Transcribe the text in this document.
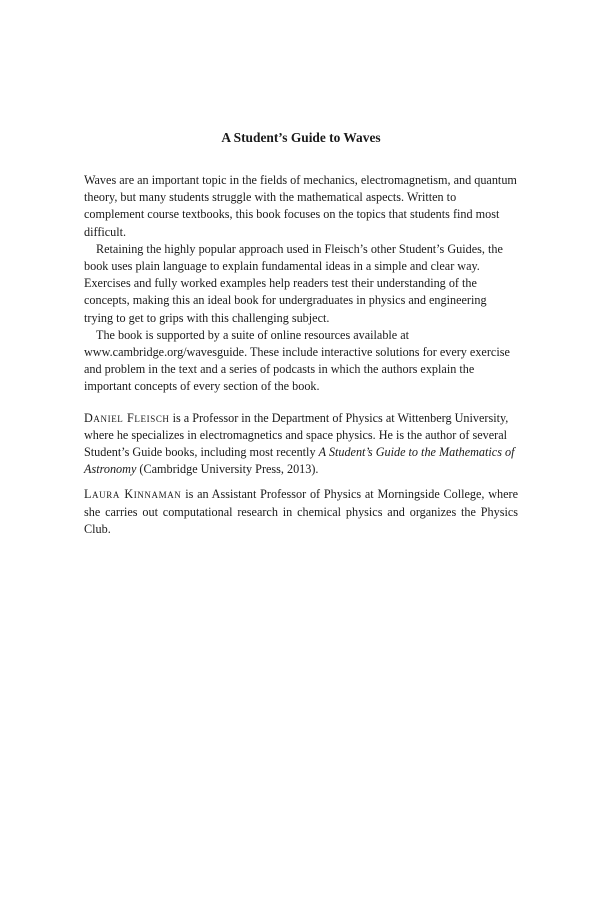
A Student’s Guide to Waves

Waves are an important topic in the fields of mechanics, electromagnetism, and quantum theory, but many students struggle with the mathematical aspects. Written to complement course textbooks, this book focuses on the topics that students find most difficult.

Retaining the highly popular approach used in Fleisch’s other Student’s Guides, the book uses plain language to explain fundamental ideas in a simple and clear way. Exercises and fully worked examples help readers test their understanding of the concepts, making this an ideal book for undergraduates in physics and engineering trying to get to grips with this challenging subject.

The book is supported by a suite of online resources available at www.cambridge.org/wavesguide. These include interactive solutions for every exercise and problem in the text and a series of podcasts in which the authors explain the important concepts of every section of the book.

Daniel Fleisch is a Professor in the Department of Physics at Wittenberg University, where he specializes in electromagnetics and space physics. He is the author of several Student’s Guide books, including most recently A Student’s Guide to the Mathematics of Astronomy (Cambridge University Press, 2013).

Laura Kinnaman is an Assistant Professor of Physics at Morningside College, where she carries out computational research in chemical physics and organizes the Physics Club.
